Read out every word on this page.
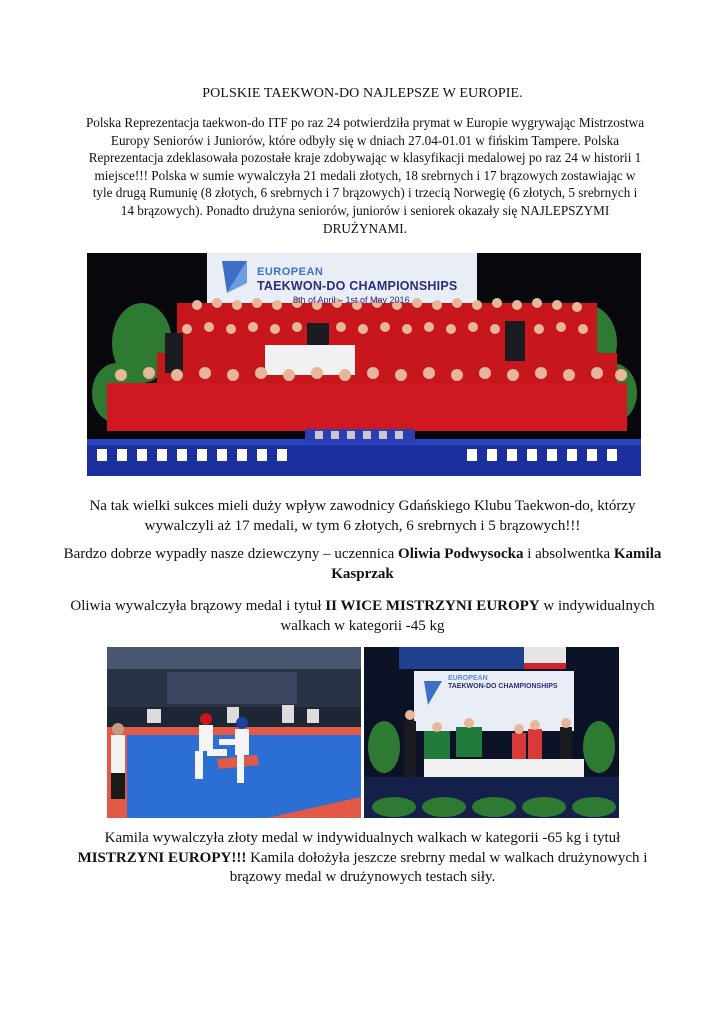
POLSKIE TAEKWON-DO NAJLEPSZE W EUROPIE.
Polska Reprezentacja taekwon-do ITF po raz 24 potwierdziła prymat w Europie wygrywając Mistrzostwa Europy Seniorów i Juniorów, które odbyły się w dniach 27.04-01.01 w fińskim Tampere. Polska Reprezentacja zdeklasowała pozostałe kraje zdobywając w klasyfikacji medalowej po raz 24 w historii 1 miejsce!!! Polska w sumie wywalczyła 21 medali złotych, 18 srebrnych i 17 brązowych zostawiając w tyle drugą Rumunię (8 złotych, 6 srebrnych i 7 brązowych) i trzecią Norwegię (6 złotych, 5 srebrnych i 14 brązowych). Ponadto drużyna seniorów, juniorów i seniorek okazały się NAJLEPSZYMI DRUŻYNAMI.
EUROPEAN
TAEKWON-DO CHAMPIONSHIPS
8th of April – 1st of May 2016
Na tak wielki sukces mieli duży wpływ zawodnicy Gdańskiego Klubu Taekwon-do, którzy wywalczyli aż 17 medali, w tym 6 złotych, 6 srebrnych i 5 brązowych!!!
Bardzo dobrze wypadły nasze dziewczyny – uczennica Oliwia Podwysocka i absolwentka Kamila Kasprzak
Oliwia wywalczyła brązowy medal i tytuł II WICE MISTRZYNI EUROPY w indywidualnych walkach w kategorii -45 kg
EUROPEAN
TAEKWON-DO CHAMPIONSHIPS
Kamila wywalczyła złoty medal w indywidualnych walkach w kategorii -65 kg i tytuł MISTRZYNI EUROPY!!! Kamila dołożyła jeszcze srebrny medal w walkach drużynowych i brązowy medal w drużynowych testach siły.
